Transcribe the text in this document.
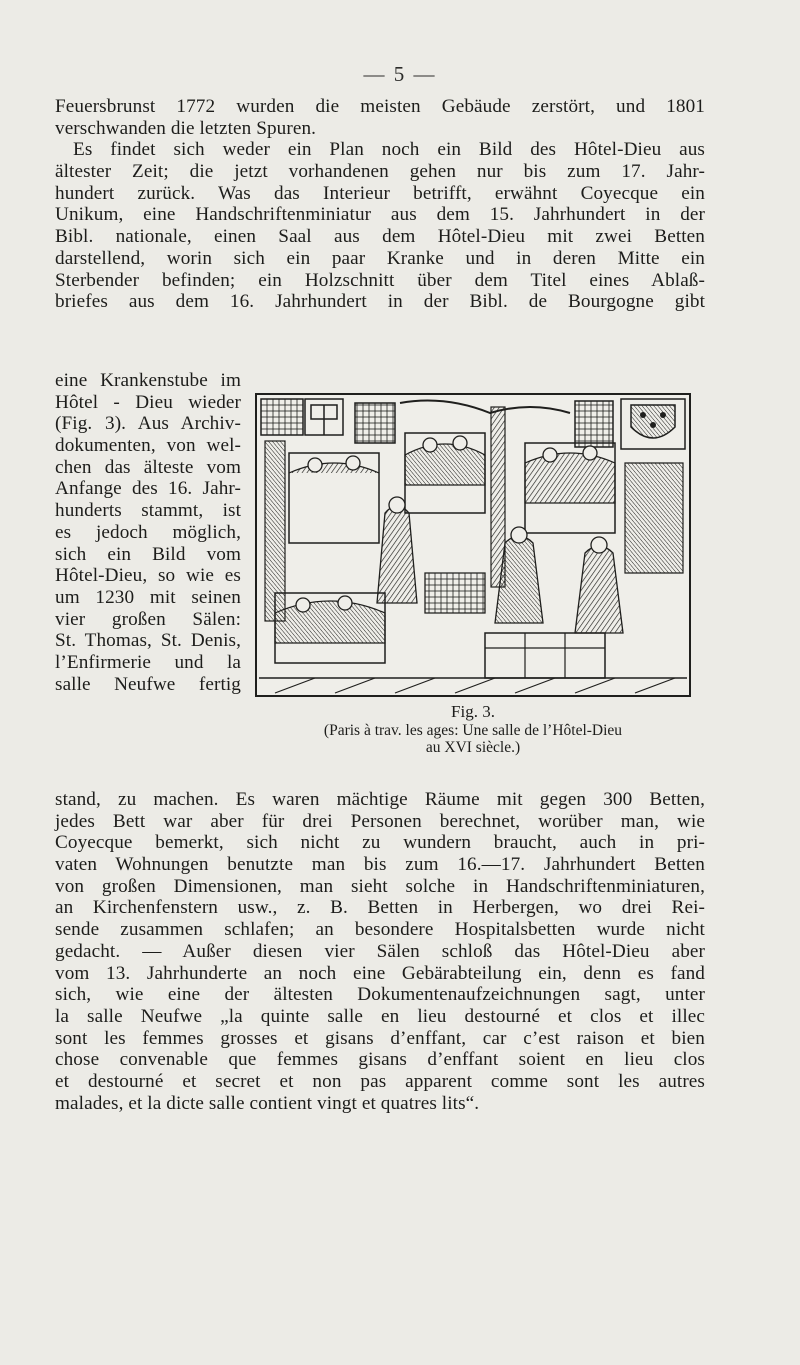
— 5 —
Feuersbrunst 1772 wurden die meisten Gebäude zerstört, und 1801
verschwanden die letzten Spuren.
Es findet sich weder ein Plan noch ein Bild des Hôtel-Dieu aus
ältester Zeit; die jetzt vorhandenen gehen nur bis zum 17. Jahr-
hundert zurück. Was das Interieur betrifft, erwähnt Coyecque ein
Unikum, eine Handschriftenminiatur aus dem 15. Jahrhundert in der
Bibl. nationale, einen Saal aus dem Hôtel-Dieu mit zwei Betten
darstellend, worin sich ein paar Kranke und in deren Mitte ein
Sterbender befinden; ein Holzschnitt über dem Titel eines Ablaß-
briefes aus dem 16. Jahrhundert in der Bibl. de Bourgogne gibt
eine Krankenstube im
Hôtel - Dieu wieder
(Fig. 3). Aus Archiv-
dokumenten, von wel-
chen das älteste vom
Anfange des 16. Jahr-
hunderts stammt, ist
es jedoch möglich,
sich ein Bild vom
Hôtel-Dieu, so wie es
um 1230 mit seinen
vier großen Sälen:
St. Thomas, St. Denis,
l’Enfirmerie und la
salle Neufwe fertig
Fig. 3.
(Paris à trav. les ages: Une salle de l’Hôtel-Dieu
au XVI siècle.)
stand, zu machen. Es waren mächtige Räume mit gegen 300 Betten,
jedes Bett war aber für drei Personen berechnet, worüber man, wie
Coyecque bemerkt, sich nicht zu wundern braucht, auch in pri-
vaten Wohnungen benutzte man bis zum 16.—17. Jahrhundert Betten
von großen Dimensionen, man sieht solche in Handschriftenminiaturen,
an Kirchenfenstern usw., z. B. Betten in Herbergen, wo drei Rei-
sende zusammen schlafen; an besondere Hospitalsbetten wurde nicht
gedacht. — Außer diesen vier Sälen schloß das Hôtel-Dieu aber
vom 13. Jahrhunderte an noch eine Gebärabteilung ein, denn es fand
sich, wie eine der ältesten Dokumentenaufzeichnungen sagt, unter
la salle Neufwe „la quinte salle en lieu destourné et clos et illec
sont les femmes grosses et gisans d’enffant, car c’est raison et bien
chose convenable que femmes gisans d’enffant soient en lieu clos
et destourné et secret et non pas apparent comme sont les autres
malades, et la dicte salle contient vingt et quatres lits“.
